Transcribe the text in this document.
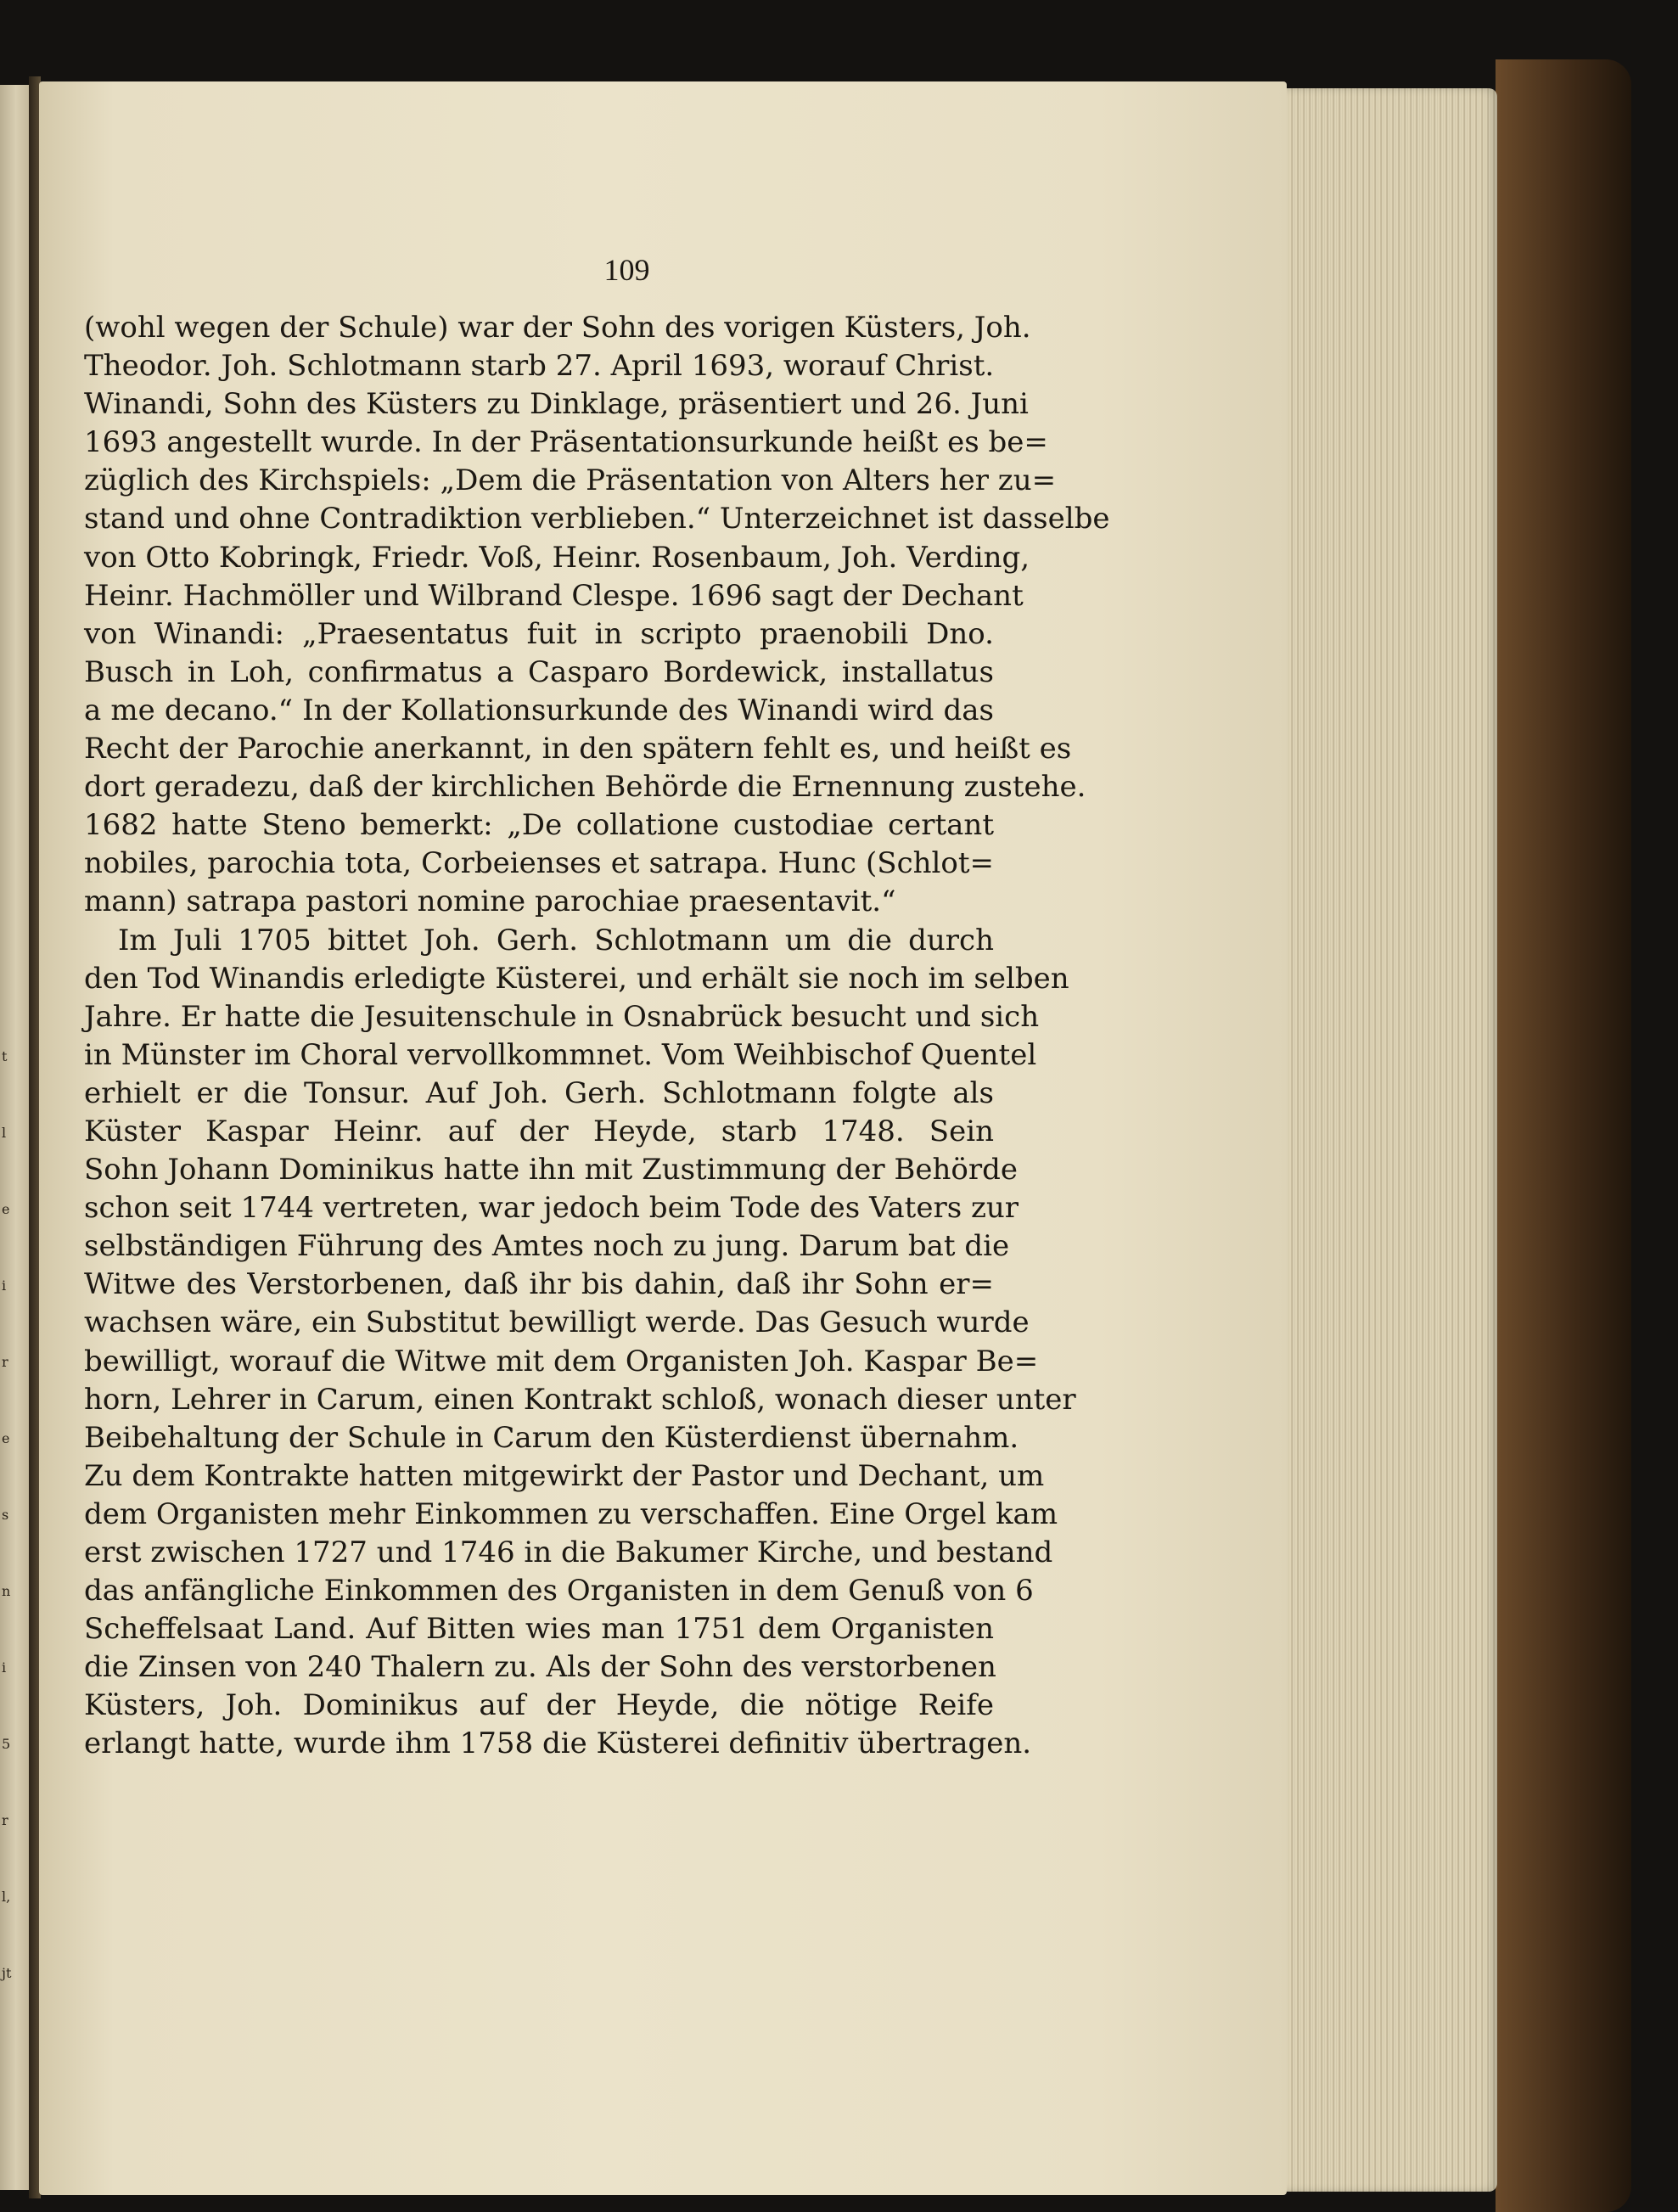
t
l
e
i
r
e
s
n
i
5
r
l,
jt
109
(wohl wegen der Schule) war der Sohn des vorigen Küsters, Joh.
Theodor. Joh. Schlotmann starb 27. April 1693, worauf Christ.
Winandi, Sohn des Küsters zu Dinklage, präsentiert und 26. Juni
1693 angestellt wurde. In der Präsentationsurkunde heißt es be=
züglich des Kirchspiels: „Dem die Präsentation von Alters her zu=
stand und ohne Contradiktion verblieben.“ Unterzeichnet ist dasselbe
von Otto Kobringk, Friedr. Voß, Heinr. Rosenbaum, Joh. Verding,
Heinr. Hachmöller und Wilbrand Clespe. 1696 sagt der Dechant
von Winandi: „Praesentatus fuit in scripto praenobili Dno.
Busch in Loh, confirmatus a Casparo Bordewick, installatus
a me decano.“ In der Kollationsurkunde des Winandi wird das
Recht der Parochie anerkannt, in den spätern fehlt es, und heißt es
dort geradezu, daß der kirchlichen Behörde die Ernennung zustehe.
1682 hatte Steno bemerkt: „De collatione custodiae certant
nobiles, parochia tota, Corbeienses et satrapa. Hunc (Schlot=
mann) satrapa pastori nomine parochiae praesentavit.“
Im Juli 1705 bittet Joh. Gerh. Schlotmann um die durch
den Tod Winandis erledigte Küsterei, und erhält sie noch im selben
Jahre. Er hatte die Jesuitenschule in Osnabrück besucht und sich
in Münster im Choral vervollkommnet. Vom Weihbischof Quentel
erhielt er die Tonsur. Auf Joh. Gerh. Schlotmann folgte als
Küster Kaspar Heinr. auf der Heyde, starb 1748. Sein
Sohn Johann Dominikus hatte ihn mit Zustimmung der Behörde
schon seit 1744 vertreten, war jedoch beim Tode des Vaters zur
selbständigen Führung des Amtes noch zu jung. Darum bat die
Witwe des Verstorbenen, daß ihr bis dahin, daß ihr Sohn er=
wachsen wäre, ein Substitut bewilligt werde. Das Gesuch wurde
bewilligt, worauf die Witwe mit dem Organisten Joh. Kaspar Be=
horn, Lehrer in Carum, einen Kontrakt schloß, wonach dieser unter
Beibehaltung der Schule in Carum den Küsterdienst übernahm.
Zu dem Kontrakte hatten mitgewirkt der Pastor und Dechant, um
dem Organisten mehr Einkommen zu verschaffen. Eine Orgel kam
erst zwischen 1727 und 1746 in die Bakumer Kirche, und bestand
das anfängliche Einkommen des Organisten in dem Genuß von 6
Scheffelsaat Land. Auf Bitten wies man 1751 dem Organisten
die Zinsen von 240 Thalern zu. Als der Sohn des verstorbenen
Küsters, Joh. Dominikus auf der Heyde, die nötige Reife
erlangt hatte, wurde ihm 1758 die Küsterei definitiv übertragen.
